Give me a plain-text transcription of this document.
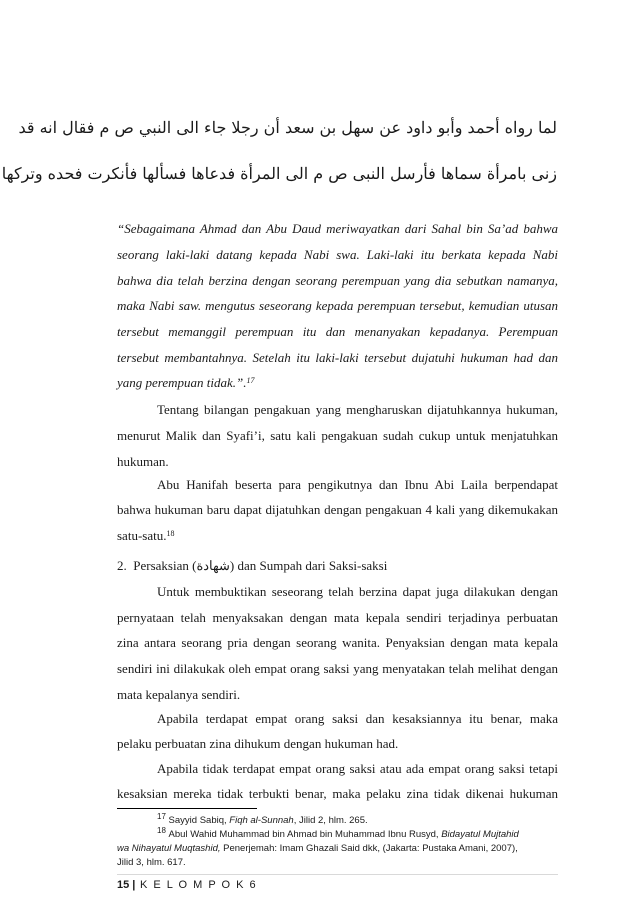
لما رواه أحمد وأبو داود عن سهل بن سعد أن رجلا جاء الى النبي ص م فقال انه قد
زنى بامرأة سماها فأرسل النبى ص م الى المرأة فدعاها فسألها فأنكرت فحده وتركها
“Sebagaimana Ahmad dan Abu Daud meriwayatkan dari Sahal bin Sa’ad bahwa
seorang laki-laki datang kepada Nabi swa. Laki-laki itu berkata kepada Nabi
bahwa dia telah berzina dengan seorang perempuan yang dia sebutkan namanya,
maka Nabi saw. mengutus seseorang kepada perempuan tersebut, kemudian utusan
tersebut memanggil perempuan itu dan menanyakan kepadanya. Perempuan
tersebut membantahnya. Setelah itu laki-laki tersebut dujatuhi hukuman had dan
yang perempuan tidak.”.$^{17}$
Tentang bilangan pengakuan yang mengharuskan dijatuhkannya hukuman,
menurut Malik dan Syafi’i, satu kali pengakuan sudah cukup untuk menjatuhkan
hukuman.
Abu Hanifah beserta para pengikutnya dan Ibnu Abi Laila berpendapat
bahwa hukuman baru dapat dijatuhkan dengan pengakuan 4 kali yang dikemukakan
satu-satu.$^{18}$
2. Persaksian (شهادة) dan Sumpah dari Saksi-saksi
Untuk membuktikan seseorang telah berzina dapat juga dilakukan dengan
pernyataan telah menyaksakan dengan mata kepala sendiri terjadinya perbuatan
zina antara seorang pria dengan seorang wanita. Penyaksian dengan mata kepala
sendiri ini dilakukak oleh empat orang saksi yang menyatakan telah melihat dengan
mata kepalanya sendiri.
Apabila terdapat empat orang saksi dan kesaksiannya itu benar, maka
pelaku perbuatan zina dihukum dengan hukuman had.
Apabila tidak terdapat empat orang saksi atau ada empat orang saksi tetapi
kesaksian mereka tidak terbukti benar, maka pelaku zina tidak dikenai hukuman
$^{17}$ Sayyid Sabiq, Fiqh al-Sunnah, Jilid 2, hlm. 265.
$^{18}$ Abul Wahid Muhammad bin Ahmad bin Muhammad Ibnu Rusyd, Bidayatul Mujtahid
wa Nihayatul Muqtashid, Penerjemah: Imam Ghazali Said dkk, (Jakarta: Pustaka Amani, 2007),
Jilid 3, hlm. 617.
15 | K E L O M P O K 6
